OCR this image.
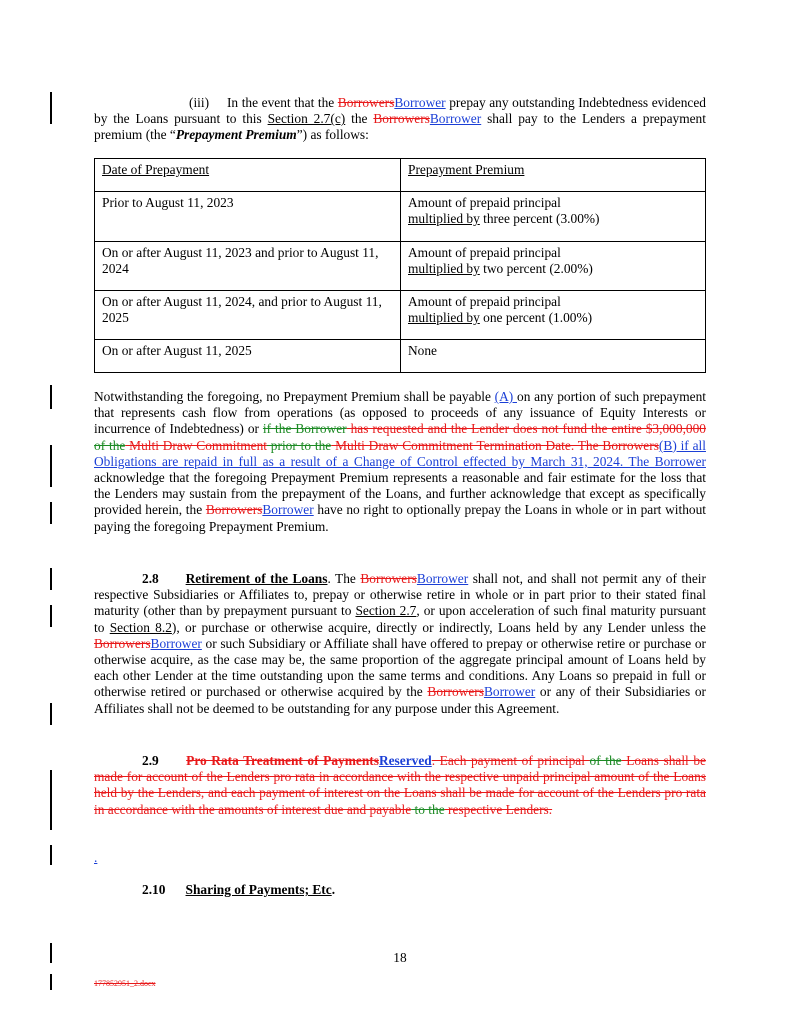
(iii) In the event that the BorrowersBorrower prepay any outstanding Indebtedness evidenced by the Loans pursuant to this Section 2.7(c) the BorrowersBorrower shall pay to the Lenders a prepayment premium (the “Prepayment Premium”) as follows:
Date of Prepayment	Prepayment Premium
Prior to August 11, 2023	Amount of prepaid principal
multiplied by three percent (3.00%)
On or after August 11, 2023 and prior to August 11, 2024	Amount of prepaid principal
multiplied by two percent (2.00%)
On or after August 11, 2024, and prior to August 11, 2025	Amount of prepaid principal
multiplied by one percent (1.00%)
On or after August 11, 2025	None
Notwithstanding the foregoing, no Prepayment Premium shall be payable (A) on any portion of such prepayment that represents cash flow from operations (as opposed to proceeds of any issuance of Equity Interests or incurrence of Indebtedness) or if the Borrower has requested and the Lender does not fund the entire $3,000,000 of the Multi Draw Commitment prior to the Multi Draw Commitment Termination Date. The Borrowers(B) if all Obligations are repaid in full as a result of a Change of Control effected by March 31, 2024. The Borrower acknowledge that the foregoing Prepayment Premium represents a reasonable and fair estimate for the loss that the Lenders may sustain from the prepayment of the Loans, and further acknowledge that except as specifically provided herein, the BorrowersBorrower have no right to optionally prepay the Loans in whole or in part without paying the foregoing Prepayment Premium.
2.8 Retirement of the Loans. The BorrowersBorrower shall not, and shall not permit any of their respective Subsidiaries or Affiliates to, prepay or otherwise retire in whole or in part prior to their stated final maturity (other than by prepayment pursuant to Section 2.7, or upon acceleration of such final maturity pursuant to Section 8.2), or purchase or otherwise acquire, directly or indirectly, Loans held by any Lender unless the BorrowersBorrower or such Subsidiary or Affiliate shall have offered to prepay or otherwise retire or purchase or otherwise acquire, as the case may be, the same proportion of the aggregate principal amount of Loans held by each other Lender at the time outstanding upon the same terms and conditions. Any Loans so prepaid in full or otherwise retired or purchased or otherwise acquired by the BorrowersBorrower or any of their Subsidiaries or Affiliates shall not be deemed to be outstanding for any purpose under this Agreement.
2.9 Pro Rata Treatment of PaymentsReserved. Each payment of principal of the Loans shall be made for account of the Lenders pro rata in accordance with the respective unpaid principal amount of the Loans held by the Lenders, and each payment of interest on the Loans shall be made for account of the Lenders pro rata in accordance with the amounts of interest due and payable to the respective Lenders.
.
2.10 Sharing of Payments; Etc.
18
177852951_2.docx
